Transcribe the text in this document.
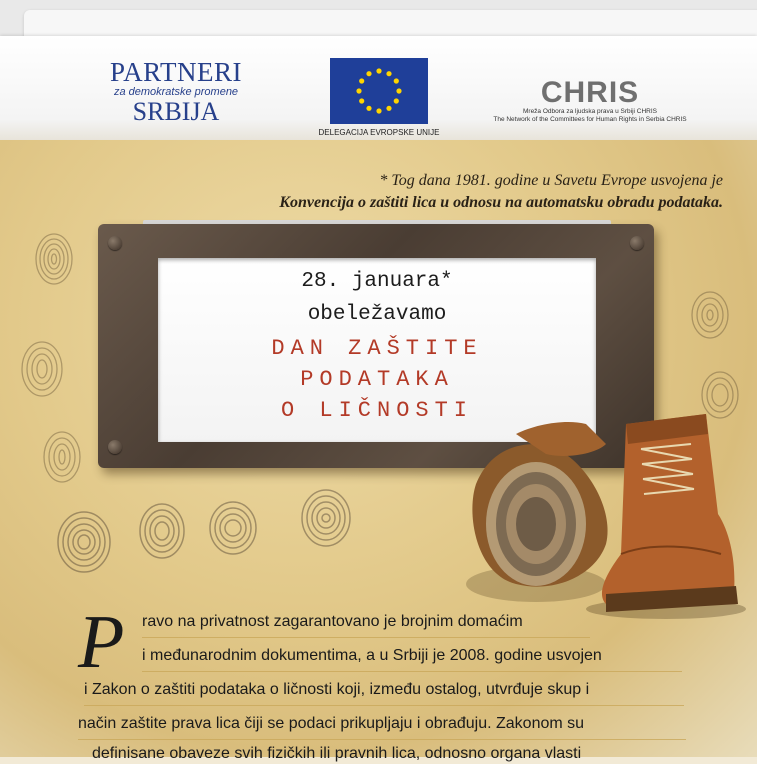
PARTNERI
za demokratske promene
SRBIJA
DELEGACIJA EVROPSKE UNIJE
CHRIS
Mreža Odbora za ljudska prava u Srbiji CHRIS
The Network of the Committees for Human Rights in Serbia CHRIS
* Tog dana 1981. godine u Savetu Evrope usvojena je
Konvencija o zaštiti lica u odnosu na automatsku obradu podataka.
28. januara*
obeležavamo
DAN ZAŠTITE
PODATAKA
O LIČNOSTI
P ravo na privatnost zagarantovano je brojnim domaćim
i međunarodnim dokumentima, a u Srbiji je 2008. godine usvojen
i Zakon o zaštiti podataka o ličnosti koji, između ostalog, utvrđuje skup i
način zaštite prava lica čiji se podaci prikupljaju i obrađuju. Zakonom su
definisane obaveze svih fizičkih ili pravnih lica, odnosno organa vlasti
